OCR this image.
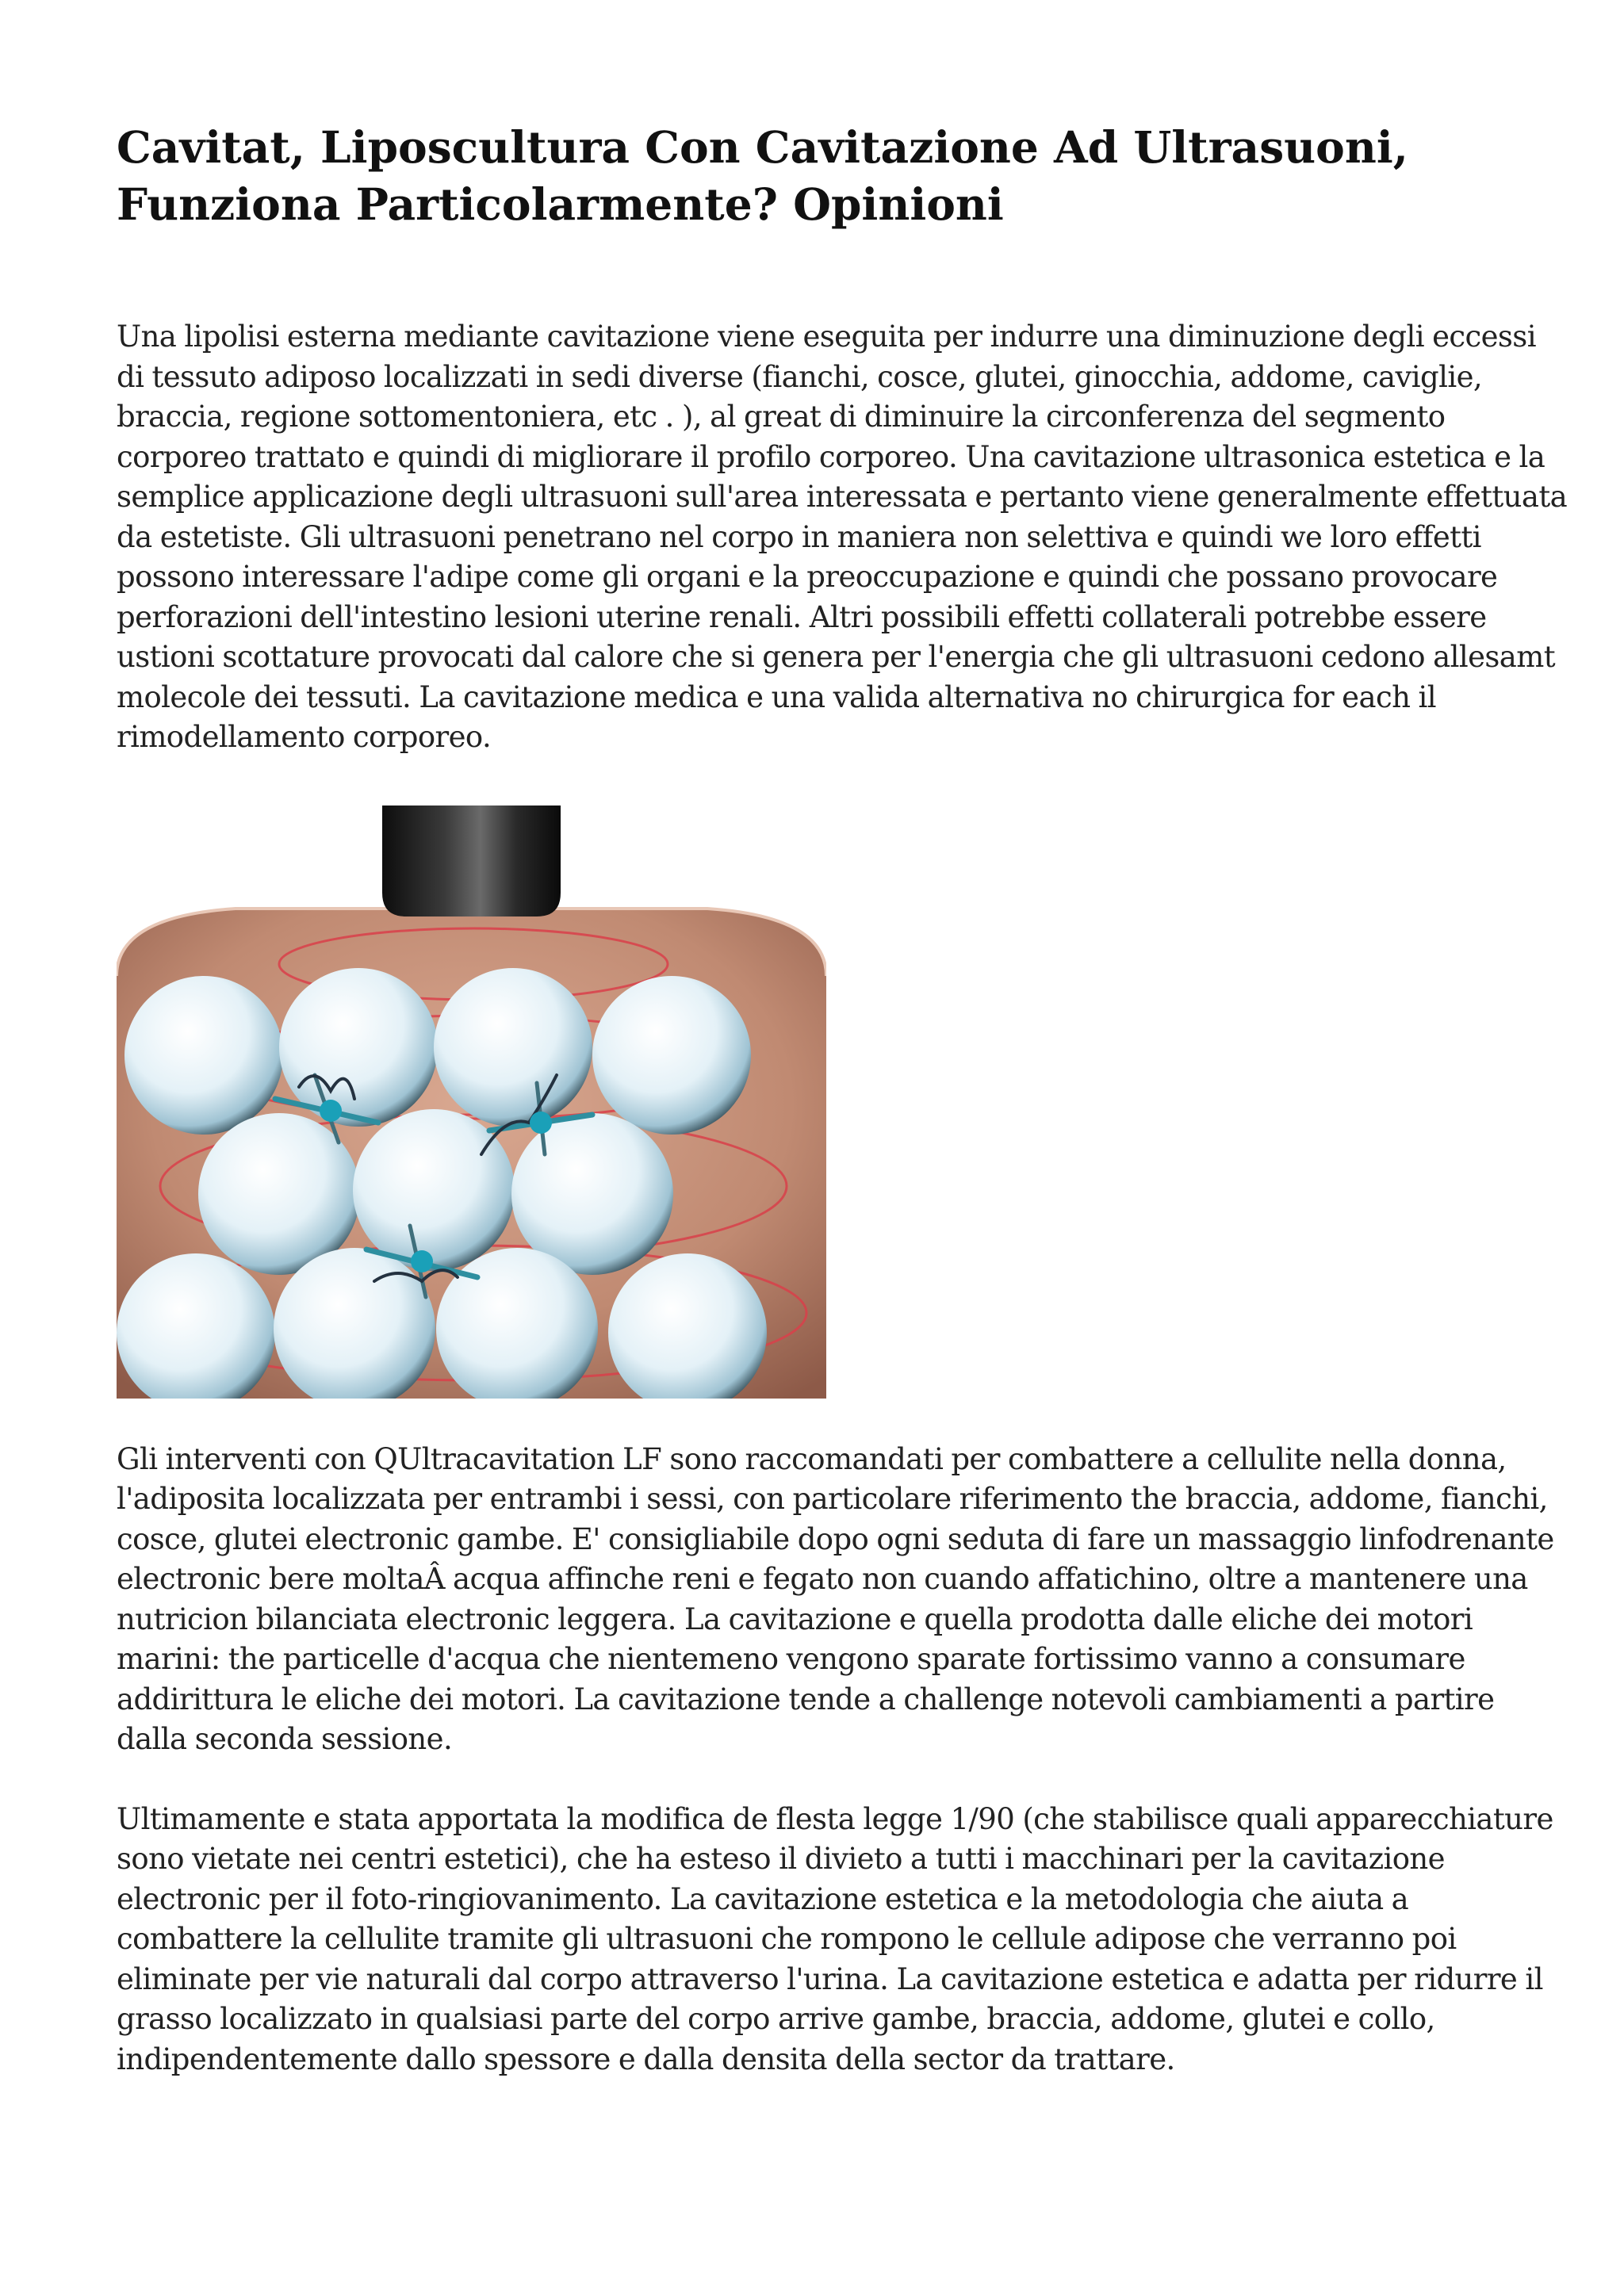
Cavitat, Liposcultura Con Cavitazione Ad Ultrasuoni,
Funziona Particolarmente? Opinioni

Una lipolisi esterna mediante cavitazione viene eseguita per indurre una diminuzione degli eccessi
di tessuto adiposo localizzati in sedi diverse (fianchi, cosce, glutei, ginocchia, addome, caviglie,
braccia, regione sottomentoniera, etc . ), al great di diminuire la circonferenza del segmento
corporeo trattato e quindi di migliorare il profilo corporeo. Una cavitazione ultrasonica estetica e la
semplice applicazione degli ultrasuoni sull'area interessata e pertanto viene generalmente effettuata
da estetiste. Gli ultrasuoni penetrano nel corpo in maniera non selettiva e quindi we loro effetti
possono interessare l'adipe come gli organi e la preoccupazione e quindi che possano provocare
perforazioni dell'intestino lesioni uterine renali. Altri possibili effetti collaterali potrebbe essere
ustioni scottature provocati dal calore che si genera per l'energia che gli ultrasuoni cedono allesamt
molecole dei tessuti. La cavitazione medica e una valida alternativa no chirurgica for each il
rimodellamento corporeo.

Gli interventi con QUltracavitation LF sono raccomandati per combattere a cellulite nella donna,
l'adiposita localizzata per entrambi i sessi, con particolare riferimento the braccia, addome, fianchi,
cosce, glutei electronic gambe. E' consigliabile dopo ogni seduta di fare un massaggio linfodrenante
electronic bere moltaÂ acqua affinche reni e fegato non cuando affatichino, oltre a mantenere una
nutricion bilanciata electronic leggera. La cavitazione e quella prodotta dalle eliche dei motori
marini: the particelle d'acqua che nientemeno vengono sparate fortissimo vanno a consumare
addirittura le eliche dei motori. La cavitazione tende a challenge notevoli cambiamenti a partire
dalla seconda sessione.

Ultimamente e stata apportata la modifica de flesta legge 1/90 (che stabilisce quali apparecchiature
sono vietate nei centri estetici), che ha esteso il divieto a tutti i macchinari per la cavitazione
electronic per il foto-ringiovanimento. La cavitazione estetica e la metodologia che aiuta a
combattere la cellulite tramite gli ultrasuoni che rompono le cellule adipose che verranno poi
eliminate per vie naturali dal corpo attraverso l'urina. La cavitazione estetica e adatta per ridurre il
grasso localizzato in qualsiasi parte del corpo arrive gambe, braccia, addome, glutei e collo,
indipendentemente dallo spessore e dalla densita della sector da trattare.
